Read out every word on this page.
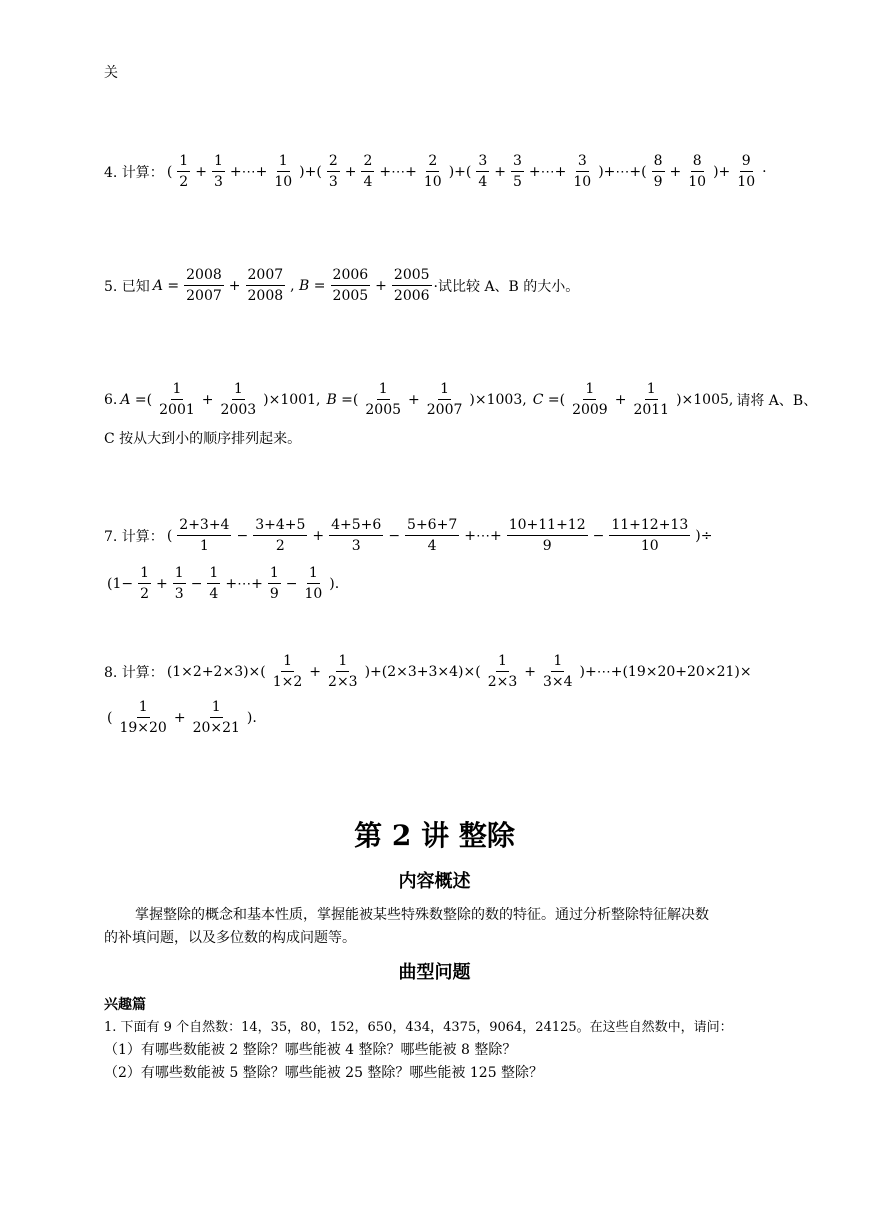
关
4. 计算： ( $\frac{1}{2} + \frac{1}{3}$ +⋯+ $\frac{1}{10}$ )+( $\frac{2}{3} + \frac{2}{4}$ +⋯+ $\frac{2}{10}$ )+( $\frac{3}{4} + \frac{3}{5}$ +⋯+ $\frac{3}{10}$ )+⋯+( $\frac{8}{9} + \frac{8}{10}$ )+ $\frac{9}{10}$ ·
5. 已知 $A = \frac{2008}{2007} + \frac{2007}{2008}$ , $B = \frac{2006}{2005} + \frac{2005}{2006}$ ·试比较 A、B 的大小。
6. A =( $\frac{1}{2001} + \frac{1}{2003} )\times 1001$, B =( $\frac{1}{2005} + \frac{1}{2007} )\times 1003$, C =( $\frac{1}{2009} + \frac{1}{2011} )\times 1005$, 请将 A、B、
C 按从大到小的顺序排列起来。
7. 计算： ( $\frac{2+3+4}{1} - \frac{3+4+5}{2} + \frac{4+5+6}{3} - \frac{5+6+7}{4}$ +⋯+ $\frac{10+11+12}{9} - \frac{11+12+13}{10}$ )÷
($1- \frac{1}{2} + \frac{1}{3} - \frac{1}{4}$ +⋯+ $\frac{1}{9} - \frac{1}{10}$ ).
8. 计算： $(1\times 2+2\times 3)\times( \frac{1}{1\times 2} + \frac{1}{2\times 3} )+(2\times 3+3\times 4)\times( \frac{1}{2\times 3} + \frac{1}{3\times 4}$ )+⋯+(19×20+20×21)×
( $\frac{1}{19\times 20} + \frac{1}{20\times 21}$ ).
第 2 讲 整除
内容概述
掌握整除的概念和基本性质，掌握能被某些特殊数整除的数的特征。通过分析整除特征解决数
的补填问题，以及多位数的构成问题等。
曲型问题
兴趣篇
1. 下面有 9 个自然数：14，35，80，152，650，434，4375，9064，24125。在这些自然数中，请问：
（1）有哪些数能被 2 整除？哪些能被 4 整除？哪些能被 8 整除？
（2）有哪些数能被 5 整除？哪些能被 25 整除？哪些能被 125 整除？
